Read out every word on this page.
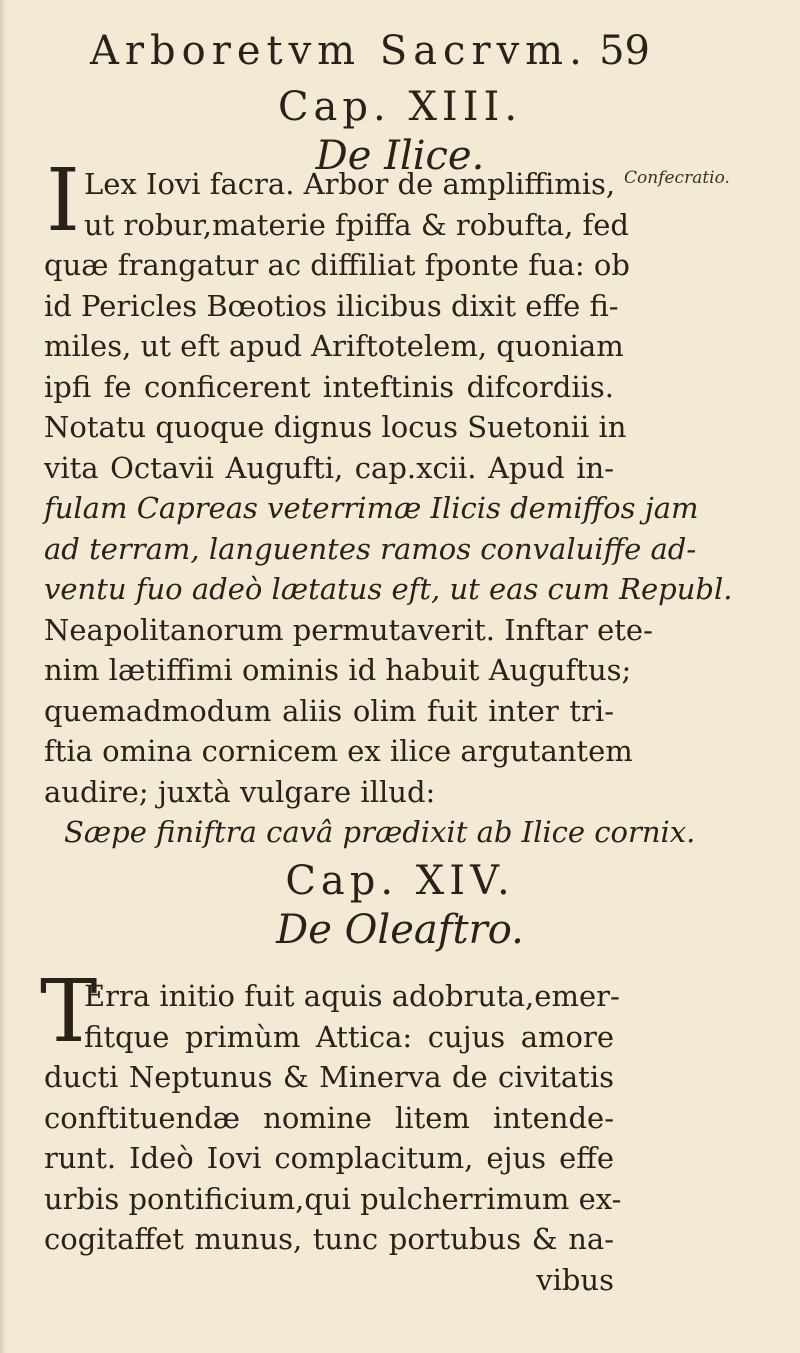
Arboretvm Sacrvm. 59
Cap. XIII.
De Ilice.	Confecratio.
I Lex Iovi facra. Arbor de ampliffimis,
ut robur,materie fpiffa & robufta, fed
quæ frangatur ac diffiliat fponte fua: ob
id Pericles Bœotios ilicibus dixit effe fi-
miles, ut eft apud Ariftotelem, quoniam
ipfi fe conficerent inteftinis difcordiis.
Notatu quoque dignus locus Suetonii in
vita Octavii Augufti, cap.xcii. Apud in-
fulam Capreas veterrimæ Ilicis demiffos jam
ad terram, languentes ramos convaluiffe ad-
ventu fuo adeò lætatus eft, ut eas cum Republ.
Neapolitanorum permutaverit. Inftar ete-
nim lætiffimi ominis id habuit Auguftus;
quemadmodum aliis olim fuit inter tri-
ftia omina cornicem ex ilice argutantem
audire; juxtà vulgare illud:
Sæpe finiftra cavâ prædixit ab Ilice cornix.
Cap. XIV.
De Oleaftro.
T
Erra initio fuit aquis adobruta,emer-
fitque primùm Attica: cujus amore
ducti Neptunus & Minerva de civitatis
conftituendæ nomine litem intende-
runt. Ideò Iovi complacitum, ejus effe
urbis pontificium,qui pulcherrimum ex-
cogitaffet munus, tunc portubus & na-
vibus
